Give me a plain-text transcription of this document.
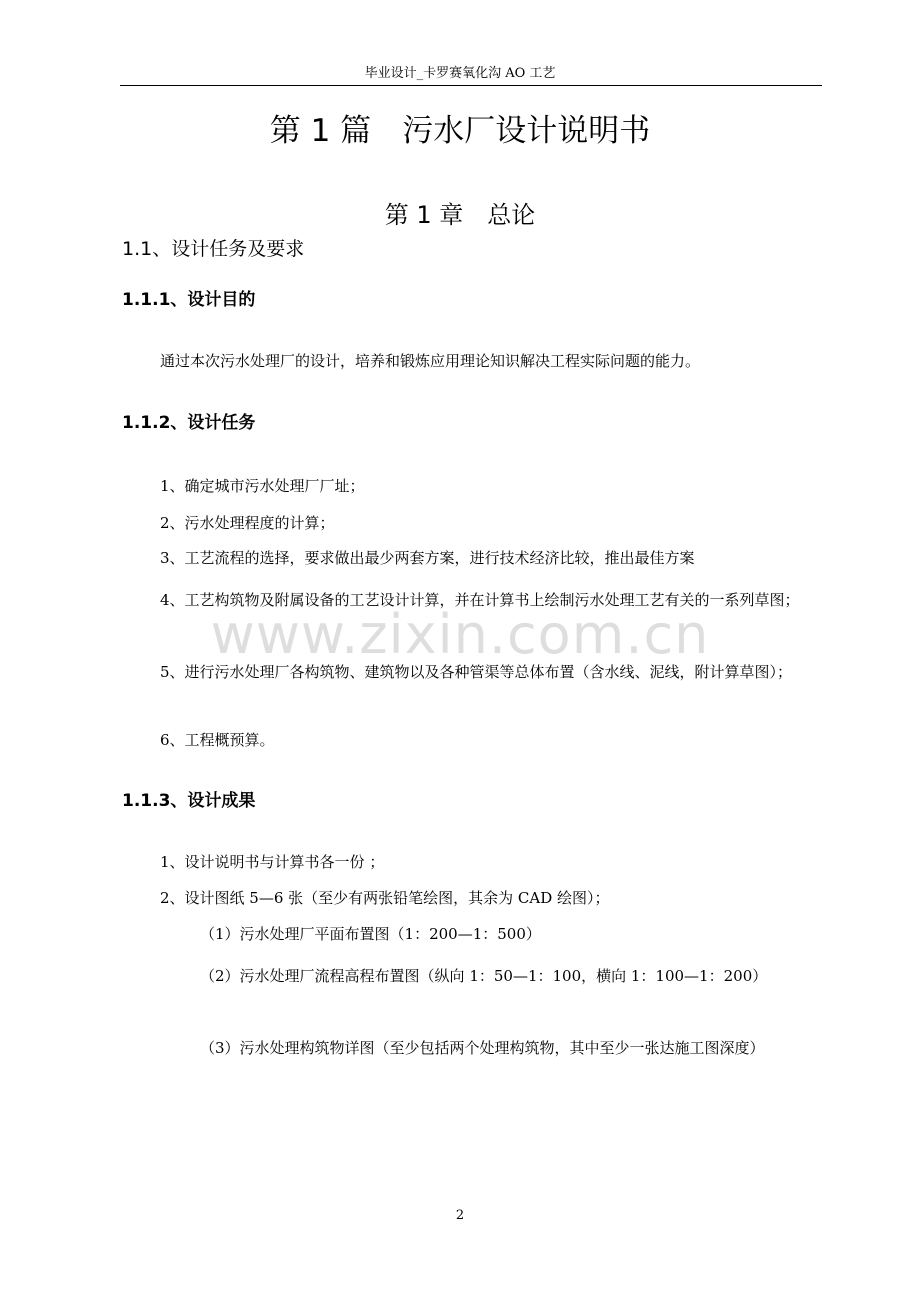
毕业设计_卡罗赛氧化沟 AO 工艺
第 1 篇　污水厂设计说明书
第 1 章　总论
1.1、设计任务及要求
1.1.1、设计目的
通过本次污水处理厂的设计，培养和锻炼应用理论知识解决工程实际问题的能力。
1.1.2、设计任务
1、确定城市污水处理厂厂址；
2、污水处理程度的计算；
3、工艺流程的选择，要求做出最少两套方案，进行技术经济比较，推出最佳方案
4、工艺构筑物及附属设备的工艺设计计算，并在计算书上绘制污水处理工艺有关的一系列草图；
5、进行污水处理厂各构筑物、建筑物以及各种管渠等总体布置（含水线、泥线，附计算草图）；
6、工程概预算。
1.1.3、设计成果
1、设计说明书与计算书各一份 ；
2、设计图纸 5—6 张（至少有两张铅笔绘图，其余为 CAD 绘图）；
（1）污水处理厂平面布置图（1：200—1：500）
（2）污水处理厂流程高程布置图（纵向 1：50—1：100，横向 1：100—1：200）
（3）污水处理构筑物详图（至少包括两个处理构筑物，其中至少一张达施工图深度）
www.zixin.com.cn
2
